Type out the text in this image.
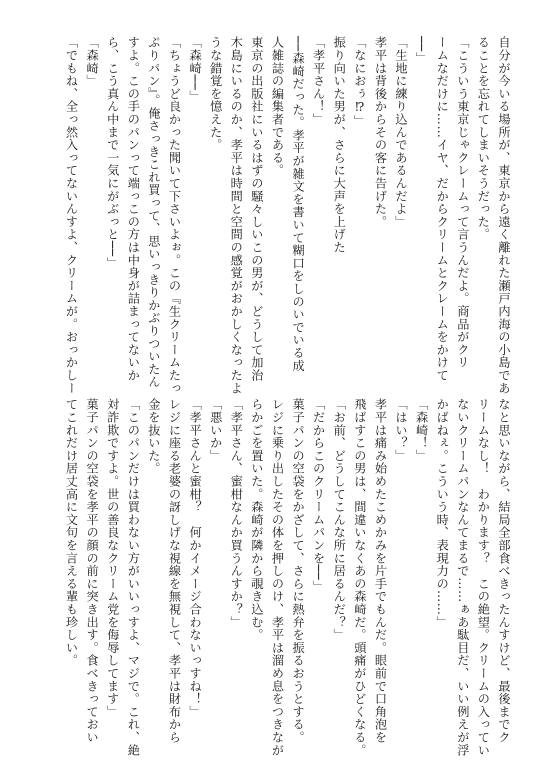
自分が今いる場所が、東京から遠く離れた瀬戸内海の小島であ
ることを忘れてしまいそうだった。
「こういう東京じゃクレームって言うんだよ。商品がクリ
ームなだけに……イヤ、だからクリームとクレームをかけて
──」
「生地に練り込んであるんだよ」
孝平は背後からその客に告げた。
「なにおぅ⁉」
振り向いた男が、さらに大声を上げた
「孝平さん！」
──森崎だった。孝平が雑文を書いて糊口をしのいでいる成
人雑誌の編集者である。
東京の出版社にいるはずの騒々しいこの男が、どうして加治
木島にいるのか、孝平は時間と空間の感覚がおかしくなったよ
うな錯覚を憶えた。
「森崎──」
「ちょうど良かった聞いて下さいよぉ。この『生クリームたっ
ぷりパン』。俺さっきこれ買って、思いっきりかぶりついたん
すよ。この手のパンって端っこの方は中身が詰まってないか
ら、こう真ん中まで一気にがぶっと──」
「森崎」
「でもね、全っ然入ってないんすよ、クリームが。おっかしー
なと思いながら、結局全部食べきったんすけど、最後までク
リームなし！　わかります？　この絶望。クリームの入ってい
ないクリームパンなんてまるで……ぁあ駄目だ、いい例えが浮
かばねぇ。こういう時、表現力の……」
「森崎！」
「はい？」
孝平は痛み始めたこめかみを片手でもんだ。眼前で口角泡を
飛ばすこの男は、間違いなくあの森崎だ。頭痛がひどくなる。
「お前、どうしてこんな所に居るんだ？」
「だからこのクリームパンを──」
菓子パンの空袋をかざして、さらに熱弁を振るおうとする。
レジに乗り出したその体を押しのけ、孝平は溜め息をつきなが
らかごを置いた。森崎が隣から覗き込む。
「孝平さん、蜜柑なんか買うんすか？」
「悪いか」
「孝平さんと蜜柑？　何かイメージ合わないっすね！」
レジに座る老婆の訝しげな視線を無視して、孝平は財布から
金を抜いた。
「このパンだけは買わない方がいいっすよ、マジで。これ、絶
対詐欺ですよ。世の善良なクリーム党を侮辱してます」
菓子パンの空袋を孝平の顔の前に突き出す。食べきっておい
てこれだけ居丈高に文句を言える輩も珍しい。
